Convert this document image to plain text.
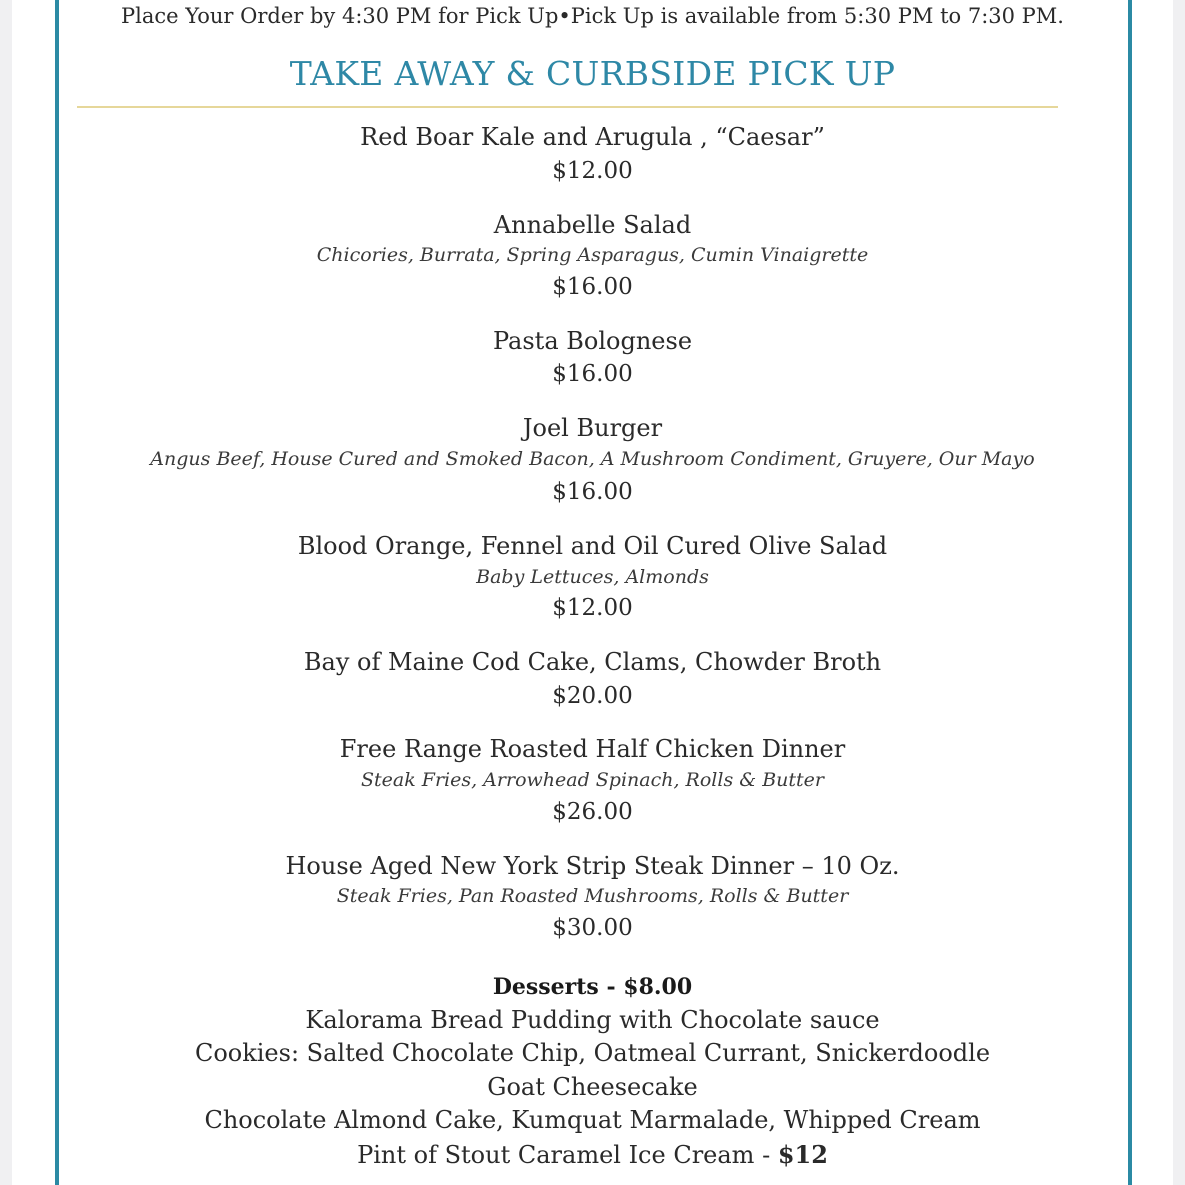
Place Your Order by 4:30 PM for Pick Up•Pick Up is available from 5:30 PM to 7:30 PM.
TAKE AWAY & CURBSIDE PICK UP
Red Boar Kale and Arugula , “Caesar”
$12.00
Annabelle Salad
Chicories, Burrata, Spring Asparagus, Cumin Vinaigrette
$16.00
Pasta Bolognese
$16.00
Joel Burger
Angus Beef, House Cured and Smoked Bacon, A Mushroom Condiment, Gruyere, Our Mayo
$16.00
Blood Orange, Fennel and Oil Cured Olive Salad
Baby Lettuces, Almonds
$12.00
Bay of Maine Cod Cake, Clams, Chowder Broth
$20.00
Free Range Roasted Half Chicken Dinner
Steak Fries, Arrowhead Spinach, Rolls & Butter
$26.00
House Aged New York Strip Steak Dinner – 10 Oz.
Steak Fries, Pan Roasted Mushrooms, Rolls & Butter
$30.00
Desserts - $8.00
Kalorama Bread Pudding with Chocolate sauce
Cookies: Salted Chocolate Chip, Oatmeal Currant, Snickerdoodle
Goat Cheesecake
Chocolate Almond Cake, Kumquat Marmalade, Whipped Cream
Pint of Stout Caramel Ice Cream - $12
